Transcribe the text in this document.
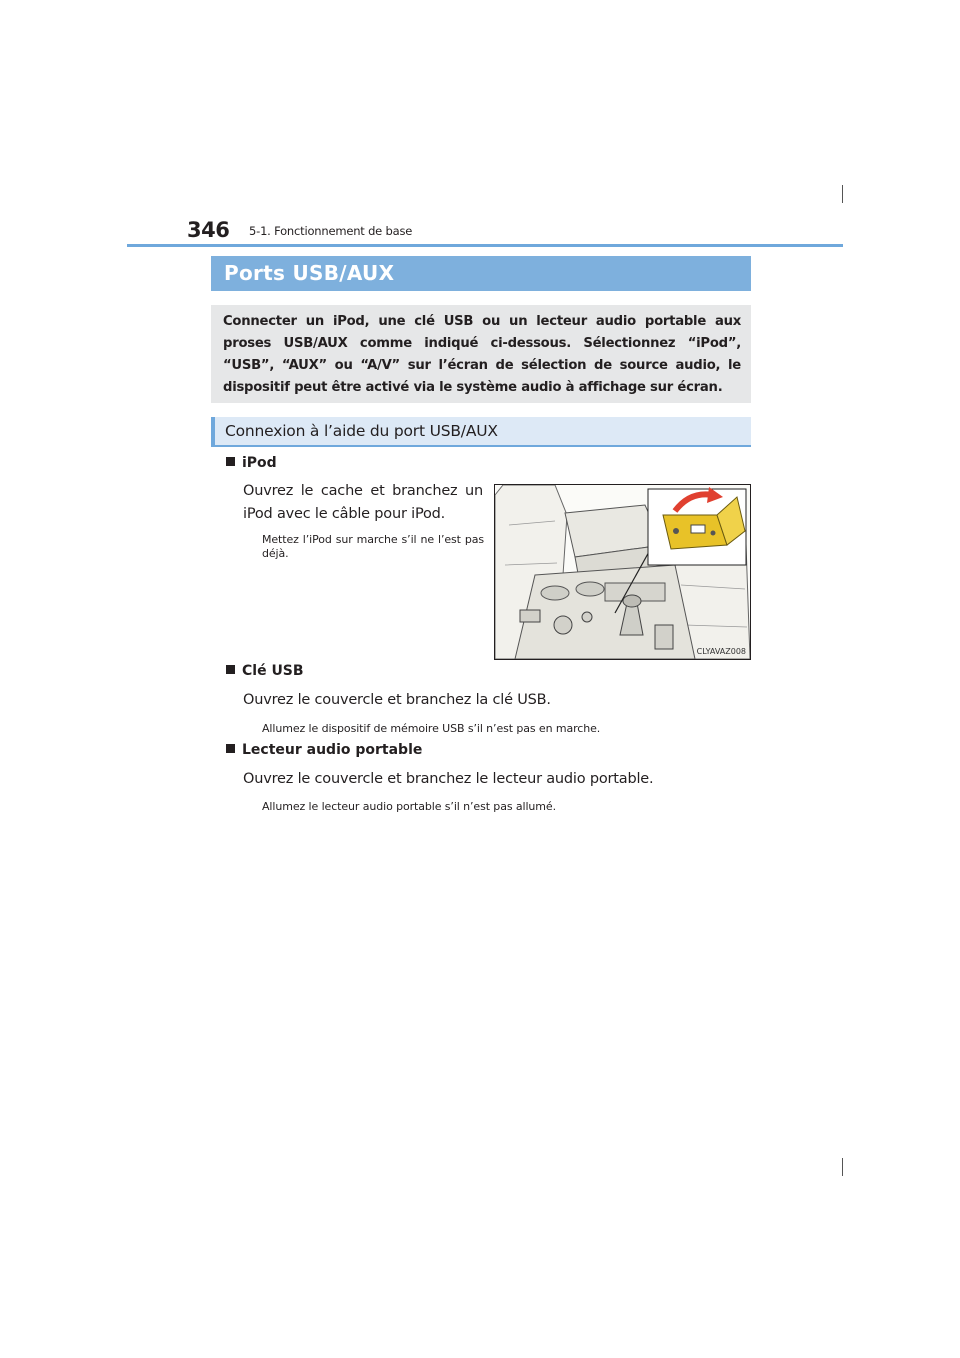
346 5-1. Fonctionnement de base
Ports USB/AUX
Connecter un iPod, une clé USB ou un lecteur audio portable aux proses USB/AUX comme indiqué ci-dessous. Sélectionnez “iPod”, “USB”, “AUX” ou “A/V” sur l’écran de sélection de source audio, le dispositif peut être activé via le système audio à affichage sur écran.
Connexion à l’aide du port USB/AUX
iPod
Ouvrez le cache et branchez un iPod avec le câble pour iPod.
Mettez l’iPod sur marche s’il ne l’est pas déjà.
CLYAVAZ008
Clé USB
Ouvrez le couvercle et branchez la clé USB.
Allumez le dispositif de mémoire USB s’il n’est pas en marche.
Lecteur audio portable
Ouvrez le couvercle et branchez le lecteur audio portable.
Allumez le lecteur audio portable s’il n’est pas allumé.
